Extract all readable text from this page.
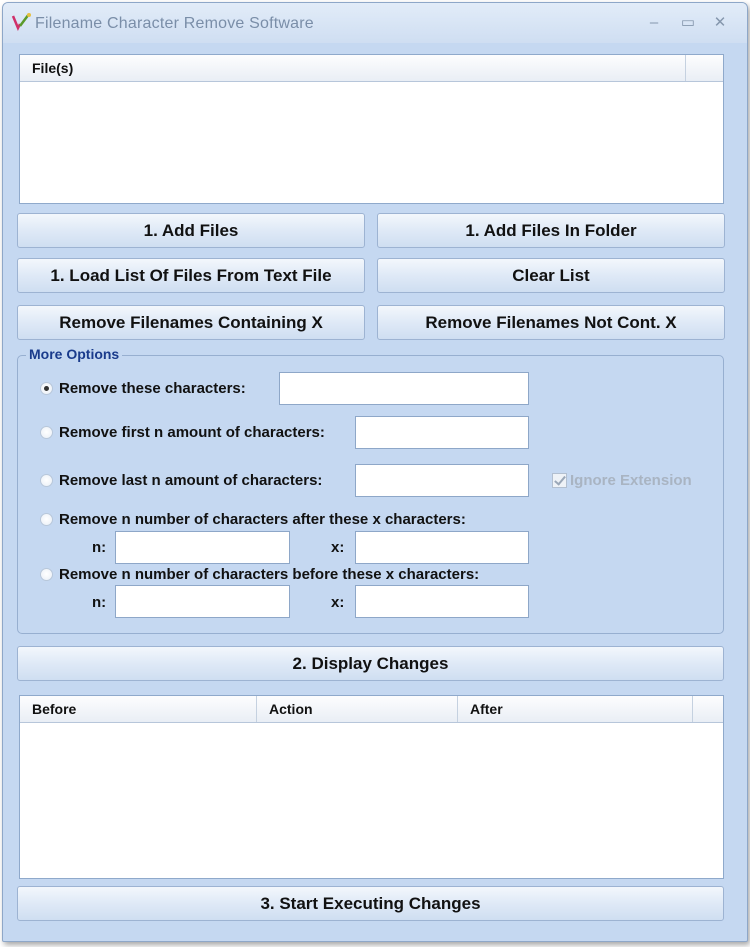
Filename Character Remove Software	–	▭	✕
File(s)
1. Add Files	1. Add Files In Folder
1. Load List Of Files From Text File	Clear List
Remove Filenames Containing X	Remove Filenames Not Cont. X
More Options
Remove these characters:
Remove first n amount of characters:
Remove last n amount of characters:	Ignore Extension
Remove n number of characters after these x characters:
n:	x:
Remove n number of characters before these x characters:
n:	x:
2. Display Changes
Before	Action	After
3. Start Executing Changes
